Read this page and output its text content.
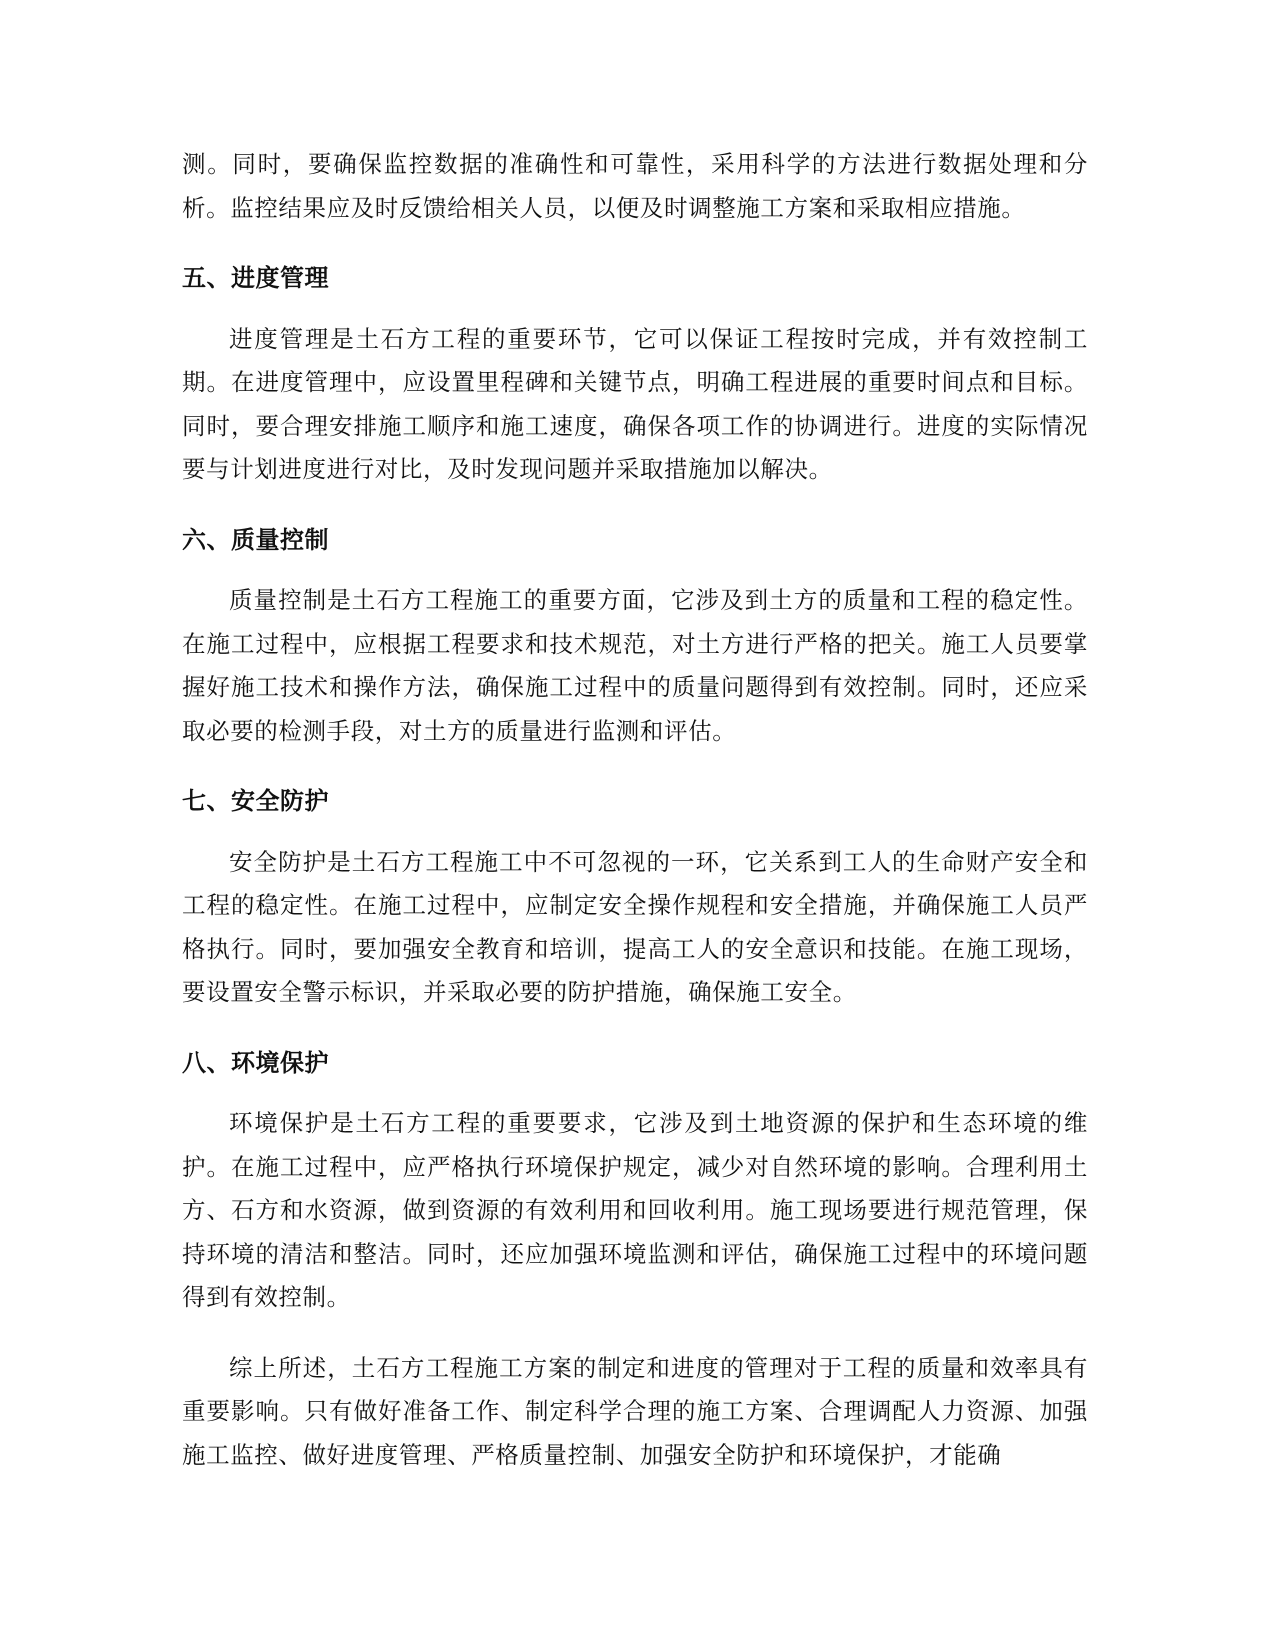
测。同时，要确保监控数据的准确性和可靠性，采用科学的方法进行数据处理和分析。监控结果应及时反馈给相关人员，以便及时调整施工方案和采取相应措施。

五、进度管理

进度管理是土石方工程的重要环节，它可以保证工程按时完成，并有效控制工期。在进度管理中，应设置里程碑和关键节点，明确工程进展的重要时间点和目标。同时，要合理安排施工顺序和施工速度，确保各项工作的协调进行。进度的实际情况要与计划进度进行对比，及时发现问题并采取措施加以解决。

六、质量控制

质量控制是土石方工程施工的重要方面，它涉及到土方的质量和工程的稳定性。在施工过程中，应根据工程要求和技术规范，对土方进行严格的把关。施工人员要掌握好施工技术和操作方法，确保施工过程中的质量问题得到有效控制。同时，还应采取必要的检测手段，对土方的质量进行监测和评估。

七、安全防护

安全防护是土石方工程施工中不可忽视的一环，它关系到工人的生命财产安全和工程的稳定性。在施工过程中，应制定安全操作规程和安全措施，并确保施工人员严格执行。同时，要加强安全教育和培训，提高工人的安全意识和技能。在施工现场，要设置安全警示标识，并采取必要的防护措施，确保施工安全。

八、环境保护

环境保护是土石方工程的重要要求，它涉及到土地资源的保护和生态环境的维护。在施工过程中，应严格执行环境保护规定，减少对自然环境的影响。合理利用土方、石方和水资源，做到资源的有效利用和回收利用。施工现场要进行规范管理，保持环境的清洁和整洁。同时，还应加强环境监测和评估，确保施工过程中的环境问题得到有效控制。

综上所述，土石方工程施工方案的制定和进度的管理对于工程的质量和效率具有重要影响。只有做好准备工作、制定科学合理的施工方案、合理调配人力资源、加强施工监控、做好进度管理、严格质量控制、加强安全防护和环境保护，才能确
